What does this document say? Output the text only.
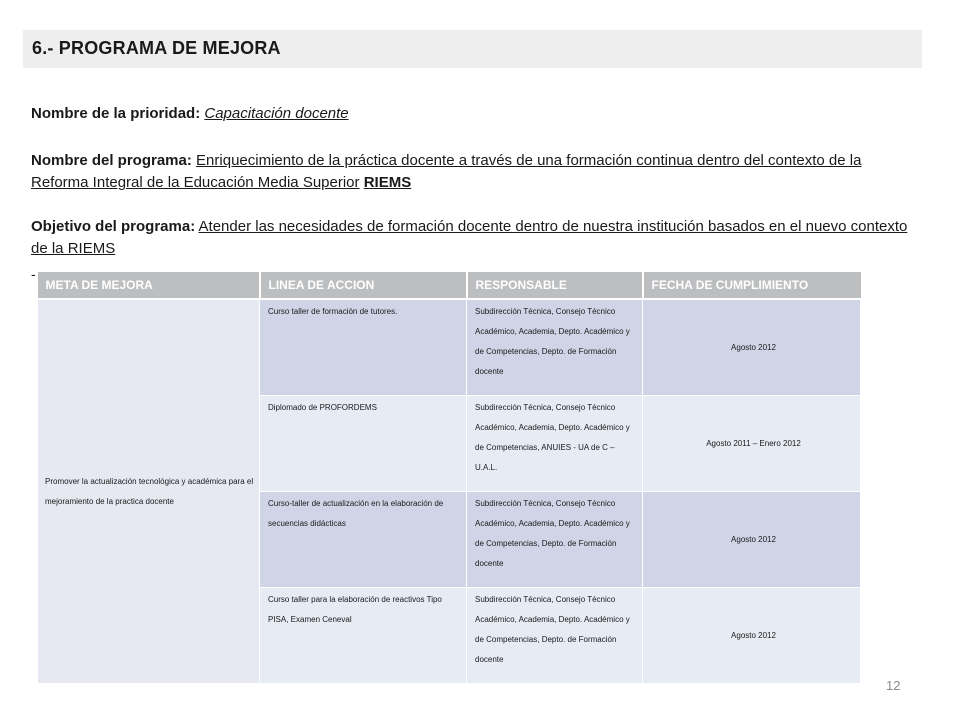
6.- PROGRAMA DE MEJORA
Nombre de la prioridad: Capacitación docente
Nombre del programa: Enriquecimiento de la práctica docente a través de una formación continua dentro del contexto de la Reforma Integral de la Educación Media Superior RIEMS
Objetivo del programa: Atender las necesidades de formación docente dentro de nuestra institución basados en el nuevo contexto de la RIEMS
-
META DE MEJORA	LINEA DE ACCION	RESPONSABLE	FECHA DE CUMPLIMIENTO
Promover la actualización tecnológica y académica para el mejoramiento de la practica docente	Curso taller de formación de tutores.	Subdirección Técnica, Consejo Técnico Académico, Academia, Depto. Académico y de Competencias, Depto. de Formación docente	Agosto 2012
	Diplomado de PROFORDEMS	Subdirección Técnica, Consejo Técnico Académico, Academia, Depto. Académico y de Competencias, ANUIES - UA de C – U.A.L.	Agosto 2011 – Enero 2012
	Curso-taller de actualización en la elaboración de secuencias didácticas	Subdirección Técnica, Consejo Técnico Académico, Academia, Depto. Académico y de Competencias, Depto. de Formación docente	Agosto 2012
	Curso taller para la elaboración de reactivos Tipo PISA, Examen Ceneval	Subdirección Técnica, Consejo Técnico Académico, Academia, Depto. Académico y de Competencias, Depto. de Formación docente	Agosto 2012
12
